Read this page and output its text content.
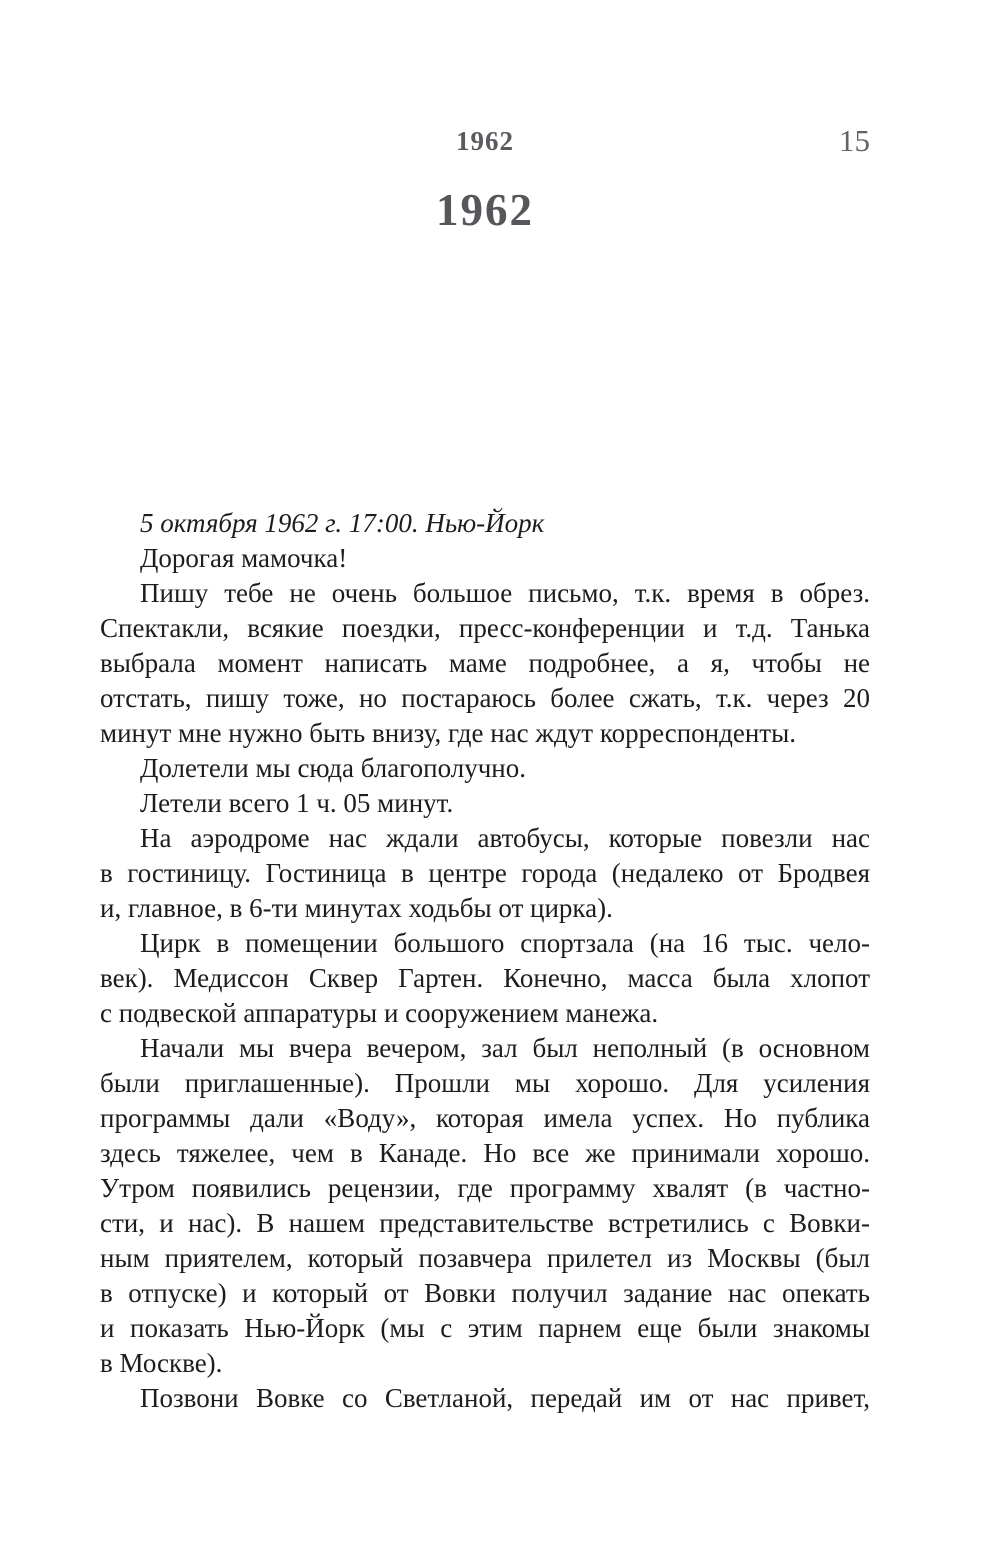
1962	15
1962
5 октября 1962 г. 17:00. Нью-Йорк
Дорогая мамочка!
Пишу тебе не очень большое письмо, т.к. время в обрез.
Спектакли, всякие поездки, пресс-конференции и т.д. Танька
выбрала момент написать маме подробнее, а я, чтобы не
отстать, пишу тоже, но постараюсь более сжать, т.к. через 20
минут мне нужно быть внизу, где нас ждут корреспонденты.
Долетели мы сюда благополучно.
Летели всего 1 ч. 05 минут.
На аэродроме нас ждали автобусы, которые повезли нас
в гостиницу. Гостиница в центре города (недалеко от Бродвея
и, главное, в 6-ти минутах ходьбы от цирка).
Цирк в помещении большого спортзала (на 16 тыс. чело-
век). Медиссон Сквер Гартен. Конечно, масса была хлопот
с подвеской аппаратуры и сооружением манежа.
Начали мы вчера вечером, зал был неполный (в основном
были приглашенные). Прошли мы хорошо. Для усиления
программы дали «Воду», которая имела успех. Но публика
здесь тяжелее, чем в Канаде. Но все же принимали хорошо.
Утром появились рецензии, где программу хвалят (в частно-
сти, и нас). В нашем представительстве встретились с Вовки-
ным приятелем, который позавчера прилетел из Москвы (был
в отпуске) и который от Вовки получил задание нас опекать
и показать Нью-Йорк (мы с этим парнем еще были знакомы
в Москве).
Позвони Вовке со Светланой, передай им от нас привет,
